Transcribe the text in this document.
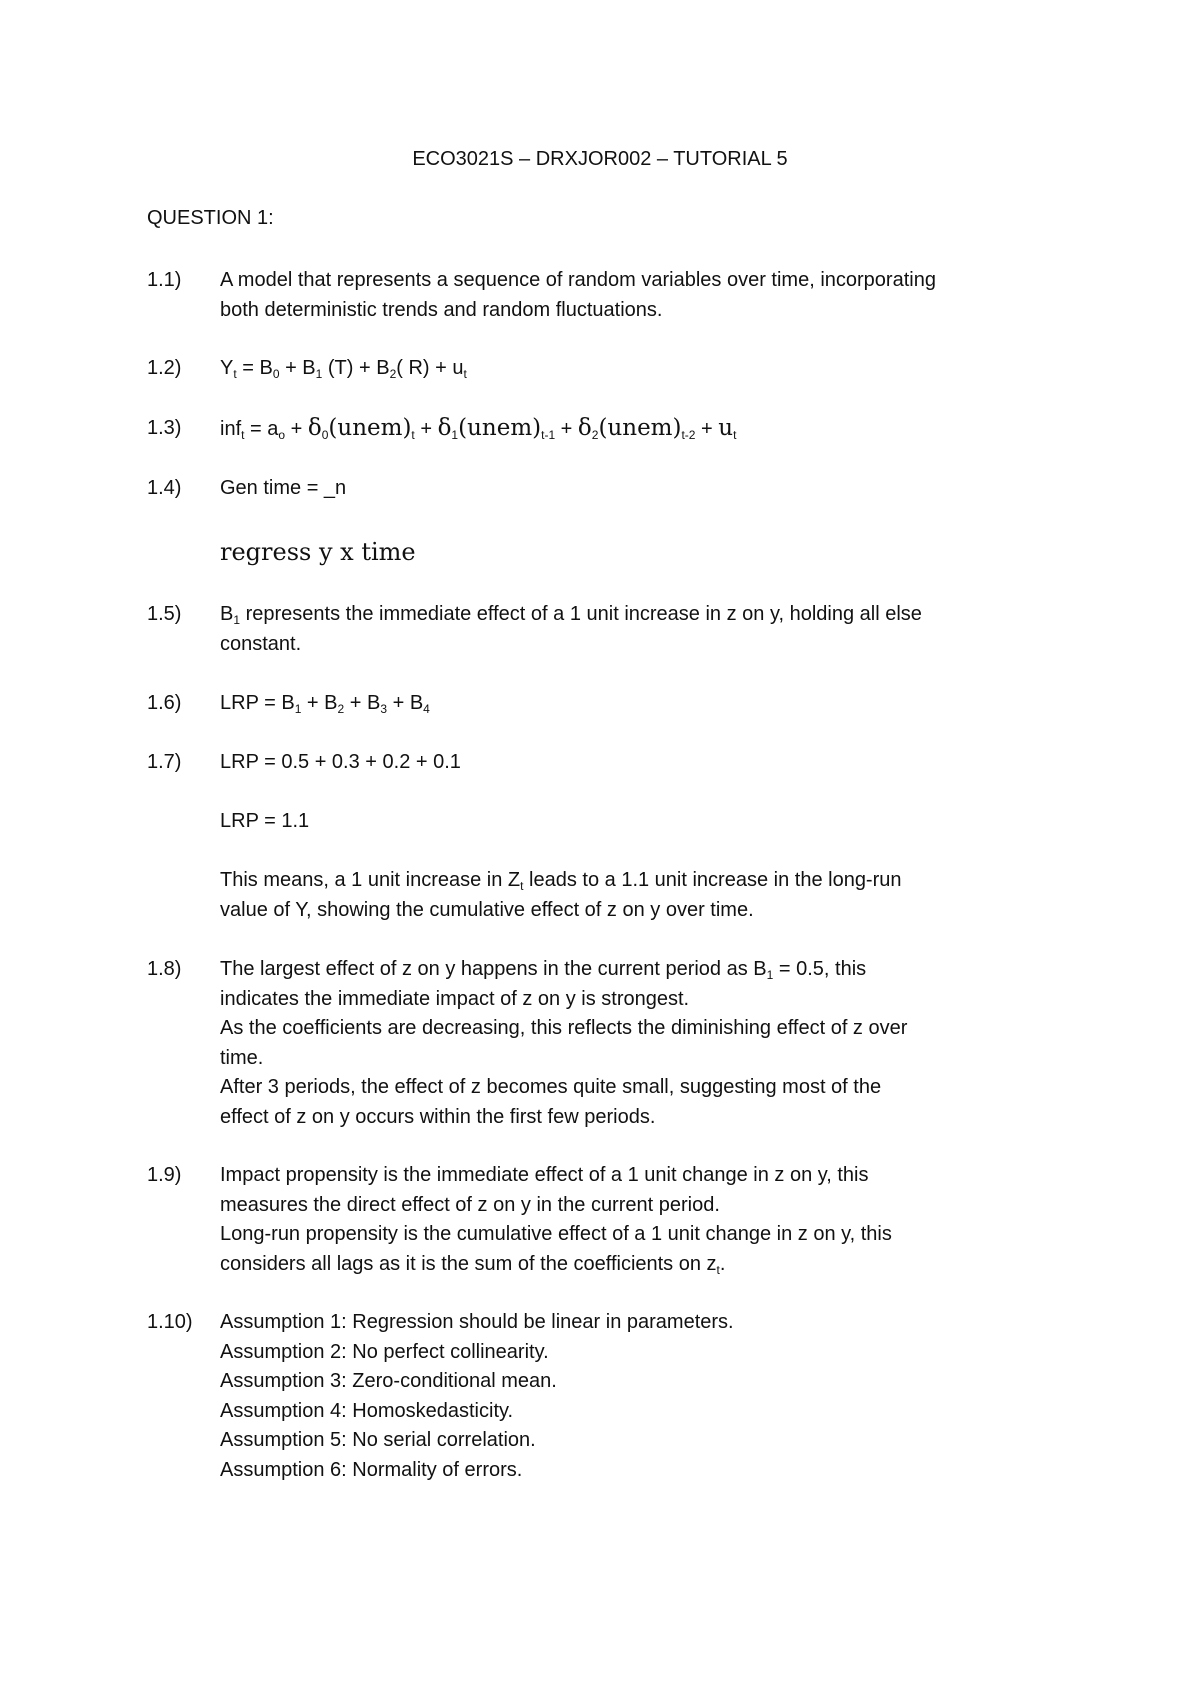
ECO3021S – DRXJOR002 – TUTORIAL 5
QUESTION 1:
1.1)	A model that represents a sequence of random variables over time, incorporating
both deterministic trends and random fluctuations.
1.2)	$Y_t = B_0 + B_1$ $(T) + B_2$( $R) + u_t$
1.3)	$inf_t = a_o$ + $\delta_0(unem)_t$ + $\delta_1(unem)_{t-1}$ + $\delta_2(unem)_{t-2} + u_t$
1.4)	Gen time = _n
regress y x time
1.5)	$B_1$ represents the immediate effect of a 1 unit increase in z on y, holding all else
constant.
1.6)	LRP = $B_1 + B_2 + B_3 + B_4$
1.7)	LRP = 0.5 + 0.3 + 0.2 + 0.1
LRP = 1.1
This means, a 1 unit increase in $Z_t$ leads to a 1.1 unit increase in the long-run
value of Y, showing the cumulative effect of z on y over time.
1.8)	The largest effect of z on y happens in the current period as $B_1 = 0.5$, this
indicates the immediate impact of z on y is strongest.
As the coefficients are decreasing, this reflects the diminishing effect of z over
time.
After 3 periods, the effect of z becomes quite small, suggesting most of the
effect of z on y occurs within the first few periods.
1.9)	Impact propensity is the immediate effect of a 1 unit change in z on y, this
measures the direct effect of z on y in the current period.
Long-run propensity is the cumulative effect of a 1 unit change in z on y, this
considers all lags as it is the sum of the coefficients on $z_t$.
1.10)	Assumption 1: Regression should be linear in parameters.
Assumption 2: No perfect collinearity.
Assumption 3: Zero-conditional mean.
Assumption 4: Homoskedasticity.
Assumption 5: No serial correlation.
Assumption 6: Normality of errors.
